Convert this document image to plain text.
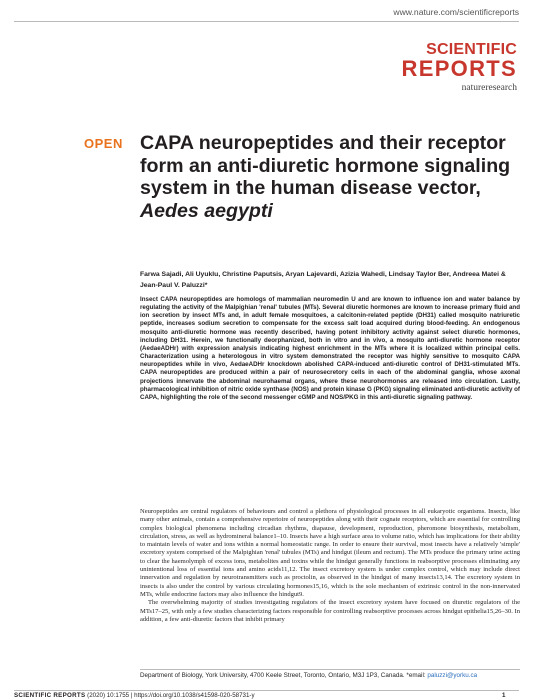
www.nature.com/scientificreports
SCIENTIFIC
REPORTS
natureresearch
OPEN CAPA neuropeptides and their receptor form an anti-diuretic hormone signaling system in the human disease vector, Aedes aegypti
Farwa Sajadi, Ali Uyuklu, Christine Paputsis, Aryan Lajevardi, Azizia Wahedi, Lindsay Taylor Ber, Andreea Matei & Jean-Paul V. Paluzzi*
Insect CAPA neuropeptides are homologs of mammalian neuromedin U and are known to influence ion and water balance by regulating the activity of the Malpighian 'renal' tubules (MTs). Several diuretic hormones are known to increase primary fluid and ion secretion by insect MTs and, in adult female mosquitoes, a calcitonin-related peptide (DH31) called mosquito natriuretic peptide, increases sodium secretion to compensate for the excess salt load acquired during blood-feeding. An endogenous mosquito anti-diuretic hormone was recently described, having potent inhibitory activity against select diuretic hormones, including DH31. Herein, we functionally deorphanized, both in vitro and in vivo, a mosquito anti-diuretic hormone receptor (AedaeADHr) with expression analysis indicating highest enrichment in the MTs where it is localized within principal cells. Characterization using a heterologous in vitro system demonstrated the receptor was highly sensitive to mosquito CAPA neuropeptides while in vivo, AedaeADHr knockdown abolished CAPA-induced anti-diuretic control of DH31-stimulated MTs. CAPA neuropeptides are produced within a pair of neurosecretory cells in each of the abdominal ganglia, whose axonal projections innervate the abdominal neurohaemal organs, where these neurohormones are released into circulation. Lastly, pharmacological inhibition of nitric oxide synthase (NOS) and protein kinase G (PKG) signaling eliminated anti-diuretic activity of CAPA, highlighting the role of the second messenger cGMP and NOS/PKG in this anti-diuretic signaling pathway.

Neuropeptides are central regulators of behaviours and control a plethora of physiological processes in all eukaryotic organisms. Insects, like many other animals, contain a comprehensive repertoire of neuropeptides along with their cognate receptors, which are essential for controlling complex biological phenomena including circadian rhythms, diapause, development, reproduction, pheromone biosynthesis, metabolism, circulation, stress, as well as hydromineral balance1–10. Insects have a high surface area to volume ratio, which has implications for their ability to maintain levels of water and ions within a normal homeostatic range. In order to ensure their survival, most insects have a relatively 'simple' excretory system comprised of the Malpighian 'renal' tubules (MTs) and hindgut (ileum and rectum). The MTs produce the primary urine acting to clear the haemolymph of excess ions, metabolites and toxins while the hindgut generally functions in reabsorptive processes eliminating any unintentional loss of essential ions and amino acids11,12. The insect excretory system is under complex control, which may include direct innervation and regulation by neurotransmitters such as proctolin, as observed in the hindgut of many insects13,14. The excretory system in insects is also under the control by various circulating hormones15,16, which is the sole mechanism of extrinsic control in the non-innervated MTs, while endocrine factors may also influence the hindgut9.

The overwhelming majority of studies investigating regulators of the insect excretory system have focused on diuretic regulators of the MTs17–25, with only a few studies characterizing factors responsible for controlling reabsorptive processes across hindgut epithelia15,26–30. In addition, a few anti-diuretic factors that inhibit primary

Department of Biology, York University, 4700 Keele Street, Toronto, Ontario, M3J 1P3, Canada. *email: paluzzi@yorku.ca
SCIENTIFIC REPORTS (2020) 10:1755 | https://doi.org/10.1038/s41598-020-58731-y	1
